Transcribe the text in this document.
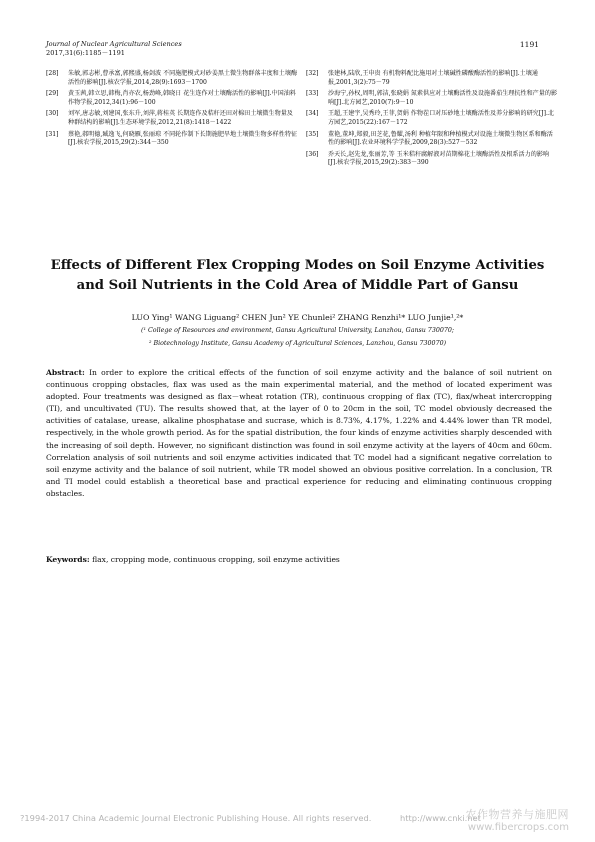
Journal of Nuclear Agricultural Sciences
2017,31(6):1185－1191
1191
[28] 朱敏,郭志彬,曹承富,郭熙盛,杨剑波 不同施肥模式对砂姜黑土微生物群落丰度和土壤酶活性的影响[J].核农学报,2014,28(9):1693－1700
[29] 黄玉茜,韩立思,韩梅,肖亦农,杨劲峰,韩晓日 花生连作对土壤酶活性的影响[J].中国油料作物学报,2012,34(1):96－100
[30] 刘军,唐志敏,刘建国,张东升,刘萍,蒋桂英 长期连作及秸秆还田对棉田土壤微生物量及种群结构的影响[J].生态环境学报,2012,21(8):1418－1422
[31] 蔡艳,郝明德,臧逸飞,何晓雁,张丽琼 不同轮作制下长期施肥旱地土壤微生物多样性特征[J].核农学报,2015,29(2):344－350
[32] 张建林,陆欣,王申贵 有机物料配比施用对土壤碱性磷酸酶活性的影响[J].土壤通报,2001,3(2):75－79
[33] 沙海宁,孙权,周明,郭洁,张晓娟 氮素供应对土壤酶活性及设施番茄生理抗性和产量的影响[J].北方园艺,2010(7):9－10
[34] 王超,王建宇,吴秀玲,王菲,贺娟 作物茬口对压砂地土壤酶活性及养分影响的研究[J].北方园艺,2015(22):167－172
[35] 董艳,董坤,郑毅,田芝花,鲁耀,汤利 种植年限和种植模式对设施土壤微生物区系和酶活性的影响[J].农业环境科学学报,2009,28(3):527－532
[36] 乔天长,赵先龙,张丽芳,等 玉米秸秆腐解液对苗期棉花土壤酶活性及根系活力的影响[J].核农学报,2015,29(2):383－390
Effects of Different Flex Cropping Modes on Soil Enzyme Activities
and Soil Nutrients in the Cold Area of Middle Part of Gansu
LUO Ying¹ WANG Liguang² CHEN Jun² YE Chunlei² ZHANG Renzhi¹* LUO Junjie¹,²*
(¹ College of Resources and environment, Gansu Agricultural University, Lanzhou, Gansu 730070;
² Biotechnology Institute, Gansu Academy of Agricultural Sciences, Lanzhou, Gansu 730070)
Abstract: In order to explore the critical effects of the function of soil enzyme activity and the balance of soil nutrient on continuous cropping obstacles, flax was used as the main experimental material, and the method of located experiment was adopted. Four treatments was designed as flax－wheat rotation (TR), continuous cropping of flax (TC), flax/wheat intercropping (TI), and uncultivated (TU). The results showed that, at the layer of 0 to 20cm in the soil, TC model obviously decreased the activities of catalase, urease, alkaline phosphatase and sucrase, which is 8.73%, 4.17%, 1.22% and 4.44% lower than TR model, respectively, in the whole growth period. As for the spatial distribution, the four kinds of enzyme activities sharply descended with the increasing of soil depth. However, no significant distinction was found in soil enzyme activity at the layers of 40cm and 60cm. Correlation analysis of soil nutrients and soil enzyme activities indicated that TC model had a significant negative correlation to soil enzyme activity and the balance of soil nutrient, while TR model showed an obvious positive correlation. In a conclusion, TR and TI model could establish a theoretical base and practical experience for reducing and eliminating continuous cropping obstacles.
Keywords: flax, cropping mode, continuous cropping, soil enzyme activities
?1994-2017 China Academic Journal Electronic Publishing House. All rights reserved.	http://www.cnki.net
农作物营养与施肥网
www.fibercrops.com
